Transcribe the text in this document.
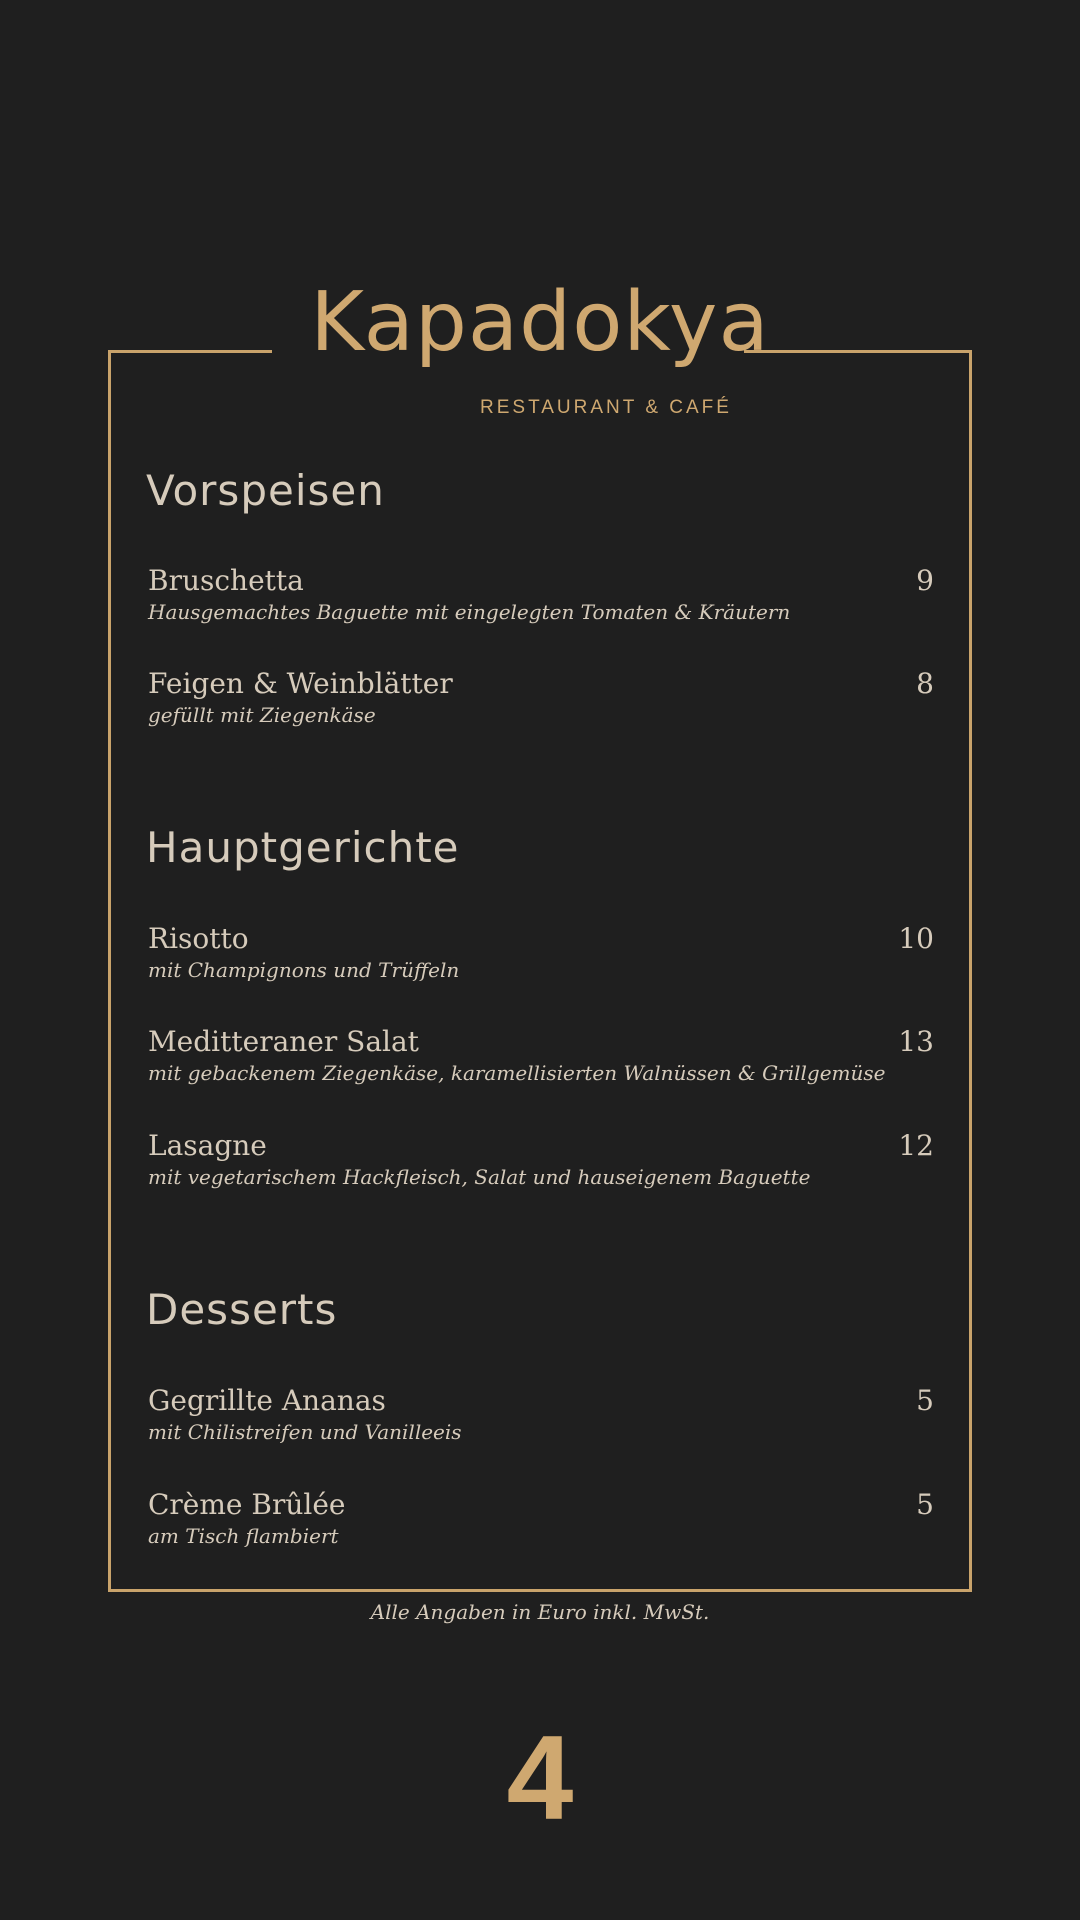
Kapadokya
RESTAURANT & CAFÉ
Vorspeisen
Bruschetta	9
Hausgemachtes Baguette mit eingelegten Tomaten & Kräutern
Feigen & Weinblätter	8
gefüllt mit Ziegenkäse
Hauptgerichte
Risotto	10
mit Champignons und Trüffeln
Meditteraner Salat	13
mit gebackenem Ziegenkäse, karamellisierten Walnüssen & Grillgemüse
Lasagne	12
mit vegetarischem Hackfleisch, Salat und hauseigenem Baguette
Desserts
Gegrillte Ananas	5
mit Chilistreifen und Vanilleeis
Crème Brûlée	5
am Tisch flambiert
Alle Angaben in Euro inkl. MwSt.
4
